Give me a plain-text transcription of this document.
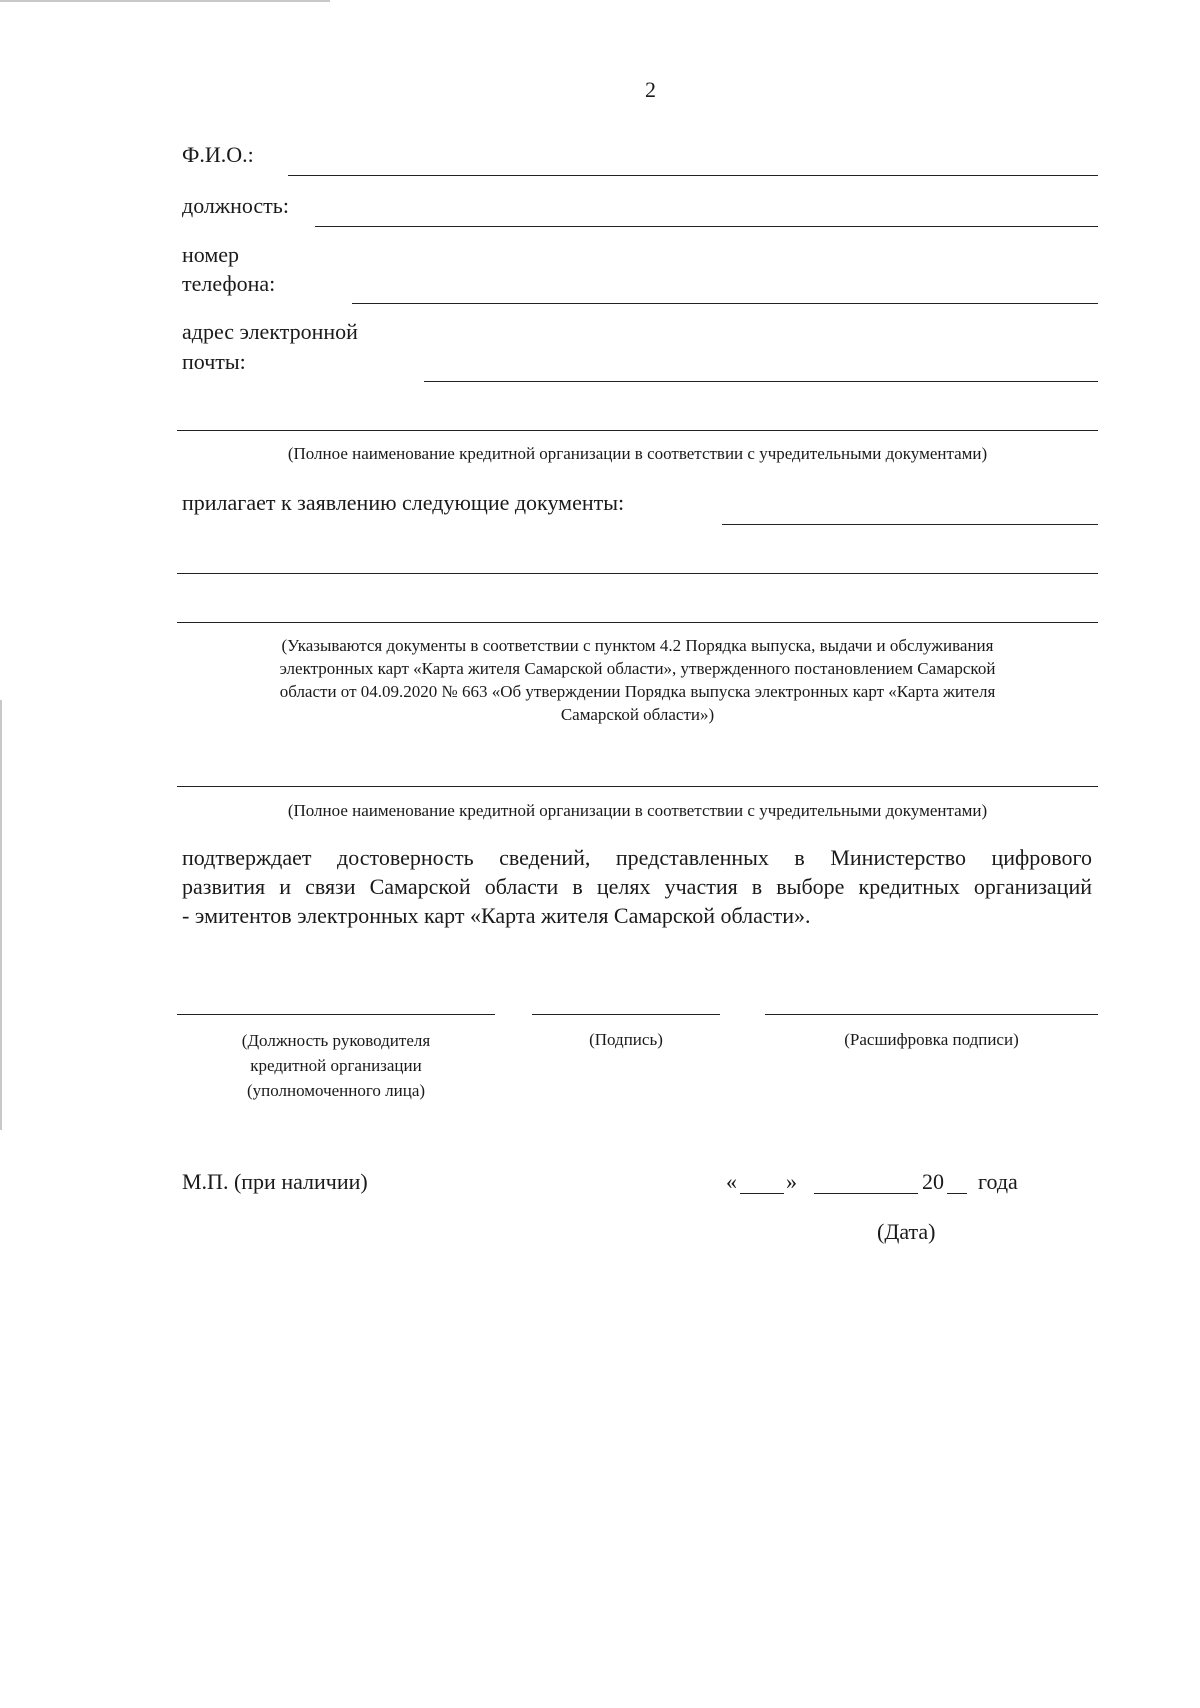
2
Ф.И.О.:
должность:
номер
телефона:
адрес электронной
почты:
(Полное наименование кредитной организации в соответствии с учредительными документами)
прилагает к заявлению следующие документы:
(Указываются документы в соответствии с пунктом 4.2 Порядка выпуска, выдачи и обслуживания
электронных карт «Карта жителя Самарской области», утвержденного постановлением Самарской
области от 04.09.2020 № 663 «Об утверждении Порядка выпуска электронных карт «Карта жителя
Самарской области»)
(Полное наименование кредитной организации в соответствии с учредительными документами)
подтверждает достоверность сведений, представленных в Министерство цифрового
развития и связи Самарской области в целях участия в выборе кредитных организаций
- эмитентов электронных карт «Карта жителя Самарской области».
(Должность руководителя
кредитной организации
(уполномоченного лица)
(Подпись)	(Расшифровка подписи)
М.П. (при наличии)	« »	20 года
(Дата)
